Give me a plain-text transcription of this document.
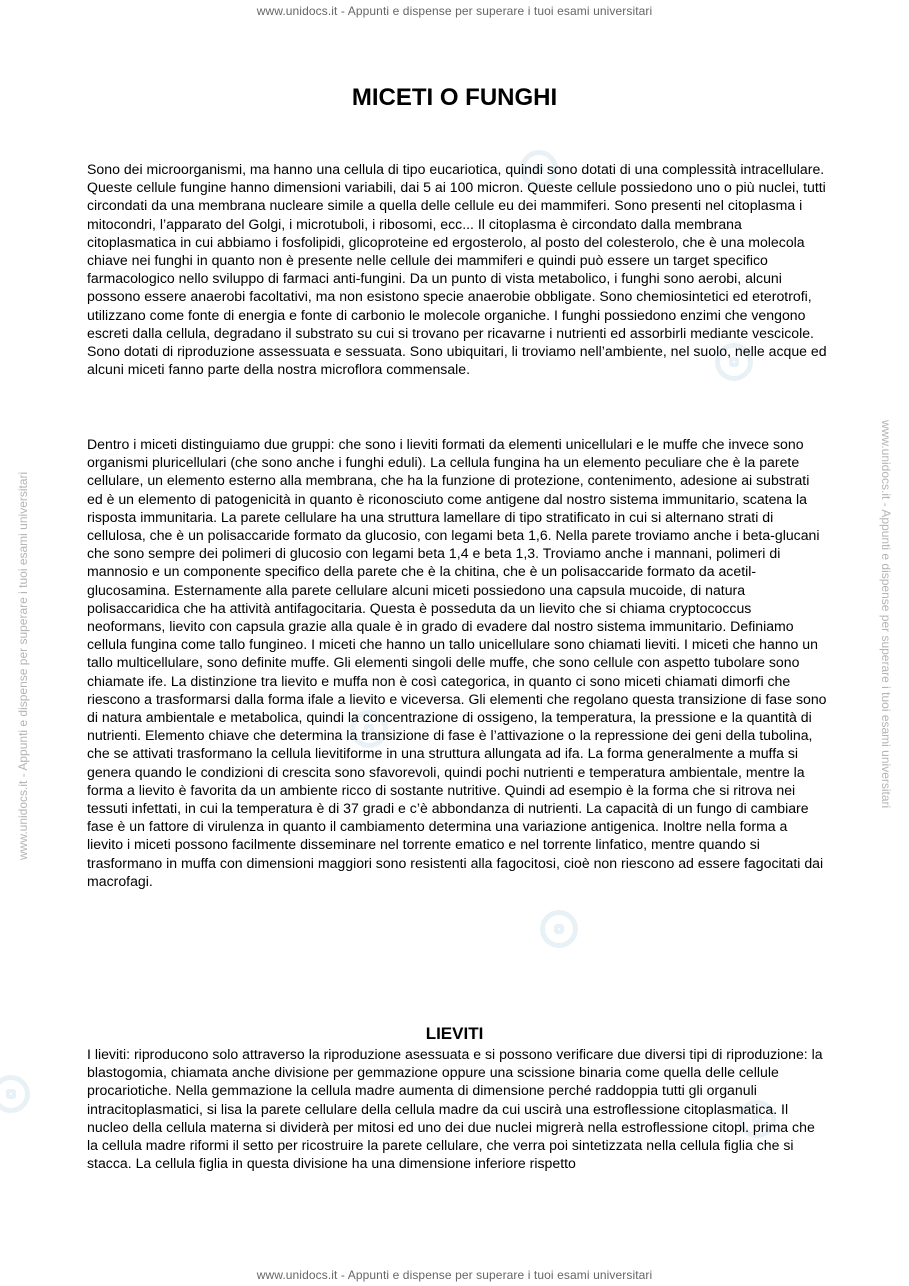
www.unidocs.it - Appunti e dispense per superare i tuoi esami universitari
www.unidocs.it - Appunti e dispense per superare i tuoi esami universitari	www.unidocs.it - Appunti e dispense per superare i tuoi esami universitari
MICETI O FUNGHI

Sono dei microorganismi, ma hanno una cellula di tipo eucariotica, quindi sono dotati di una complessità intracellulare. Queste cellule fungine hanno dimensioni variabili, dai 5 ai 100 micron. Queste cellule possiedono uno o più nuclei, tutti circondati da una membrana nucleare simile a quella delle cellule eu dei mammiferi. Sono presenti nel citoplasma i mitocondri, l’apparato del Golgi, i microtuboli, i ribosomi, ecc... Il citoplasma è circondato dalla membrana citoplasmatica in cui abbiamo i fosfolipidi, glicoproteine ed ergosterolo, al posto del colesterolo, che è una molecola chiave nei funghi in quanto non è presente nelle cellule dei mammiferi e quindi può essere un target specifico farmacologico nello sviluppo di farmaci anti-fungini. Da un punto di vista metabolico, i funghi sono aerobi, alcuni possono essere anaerobi facoltativi, ma non esistono specie anaerobie obbligate. Sono chemiosintetici ed eterotrofi, utilizzano come fonte di energia e fonte di carbonio le molecole organiche. I funghi possiedono enzimi che vengono escreti dalla cellula, degradano il substrato su cui si trovano per ricavarne i nutrienti ed assorbirli mediante vescicole. Sono dotati di riproduzione assessuata e sessuata. Sono ubiquitari, li troviamo nell’ambiente, nel suolo, nelle acque ed alcuni miceti fanno parte della nostra microflora commensale.

Dentro i miceti distinguiamo due gruppi: che sono i lieviti formati da elementi unicellulari e le muffe che invece sono organismi pluricellulari (che sono anche i funghi eduli). La cellula fungina ha un elemento peculiare che è la parete cellulare, un elemento esterno alla membrana, che ha la funzione di protezione, contenimento, adesione ai substrati ed è un elemento di patogenicità in quanto è riconosciuto come antigene dal nostro sistema immunitario, scatena la risposta immunitaria. La parete cellulare ha una struttura lamellare di tipo stratificato in cui si alternano strati di cellulosa, che è un polisaccaride formato da glucosio, con legami beta 1,6. Nella parete troviamo anche i beta-glucani che sono sempre dei polimeri di glucosio con legami beta 1,4 e beta 1,3. Troviamo anche i mannani, polimeri di mannosio e un componente specifico della parete che è la chitina, che è un polisaccaride formato da acetil-glucosamina. Esternamente alla parete cellulare alcuni miceti possiedono una capsula mucoide, di natura polisaccaridica che ha attività antifagocitaria. Questa è posseduta da un lievito che si chiama cryptococcus neoformans, lievito con capsula grazie alla quale è in grado di evadere dal nostro sistema immunitario. Definiamo cellula fungina come tallo fungineo. I miceti che hanno un tallo unicellulare sono chiamati lieviti. I miceti che hanno un tallo multicellulare, sono definite muffe. Gli elementi singoli delle muffe, che sono cellule con aspetto tubolare sono chiamate ife. La distinzione tra lievito e muffa non è così categorica, in quanto ci sono miceti chiamati dimorfi che riescono a trasformarsi dalla forma ifale a lievito e viceversa. Gli elementi che regolano questa transizione di fase sono di natura ambientale e metabolica, quindi la concentrazione di ossigeno, la temperatura, la pressione e la quantità di nutrienti. Elemento chiave che determina la transizione di fase è l’attivazione o la repressione dei geni della tubolina, che se attivati trasformano la cellula lievitiforme in una struttura allungata ad ifa. La forma generalmente a muffa si genera quando le condizioni di crescita sono sfavorevoli, quindi pochi nutrienti e temperatura ambientale, mentre la forma a lievito è favorita da un ambiente ricco di sostante nutritive. Quindi ad esempio è la forma che si ritrova nei tessuti infettati, in cui la temperatura è di 37 gradi e c’è abbondanza di nutrienti. La capacità di un fungo di cambiare fase è un fattore di virulenza in quanto il cambiamento determina una variazione antigenica. Inoltre nella forma a lievito i miceti possono facilmente disseminare nel torrente ematico e nel torrente linfatico, mentre quando si trasformano in muffa con dimensioni maggiori sono resistenti alla fagocitosi, cioè non riescono ad essere fagocitati dai macrofagi.

LIEVITI

I lieviti: riproducono solo attraverso la riproduzione asessuata e si possono verificare due diversi tipi di riproduzione: la blastogomia, chiamata anche divisione per gemmazione oppure una scissione binaria come quella delle cellule procariotiche. Nella gemmazione la cellula madre aumenta di dimensione perché raddoppia tutti gli organuli intracitoplasmatici, si lisa la parete cellulare della cellula madre da cui uscirà una estroflessione citoplasmatica. Il nucleo della cellula materna si dividerà per mitosi ed uno dei due nuclei migrerà nella estroflessione citopl. prima che la cellula madre riformi il setto per ricostruire la parete cellulare, che verra poi sintetizzata nella cellula figlia che si stacca. La cellula figlia in questa divisione ha una dimensione inferiore rispetto

www.unidocs.it - Appunti e dispense per superare i tuoi esami universitari
